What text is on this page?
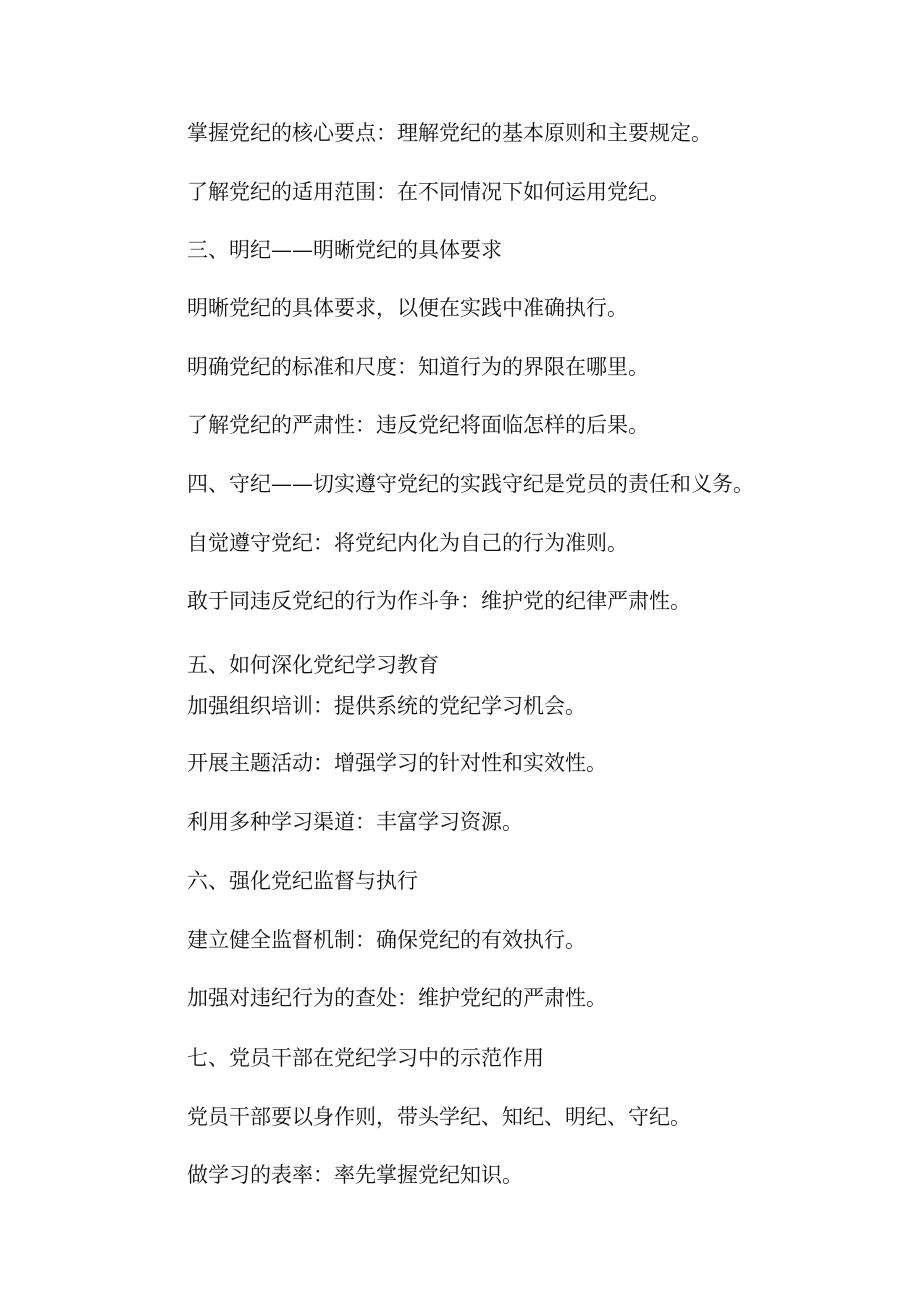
掌握党纪的核心要点：理解党纪的基本原则和主要规定。

了解党纪的适用范围：在不同情况下如何运用党纪。

三、明纪——明晰党纪的具体要求

明晰党纪的具体要求，以便在实践中准确执行。

明确党纪的标准和尺度：知道行为的界限在哪里。

了解党纪的严肃性：违反党纪将面临怎样的后果。

四、守纪——切实遵守党纪的实践守纪是党员的责任和义务。

自觉遵守党纪：将党纪内化为自己的行为准则。

敢于同违反党纪的行为作斗争：维护党的纪律严肃性。

五、如何深化党纪学习教育

加强组织培训：提供系统的党纪学习机会。

开展主题活动：增强学习的针对性和实效性。

利用多种学习渠道：丰富学习资源。

六、强化党纪监督与执行

建立健全监督机制：确保党纪的有效执行。

加强对违纪行为的查处：维护党纪的严肃性。

七、党员干部在党纪学习中的示范作用

党员干部要以身作则，带头学纪、知纪、明纪、守纪。

做学习的表率：率先掌握党纪知识。
